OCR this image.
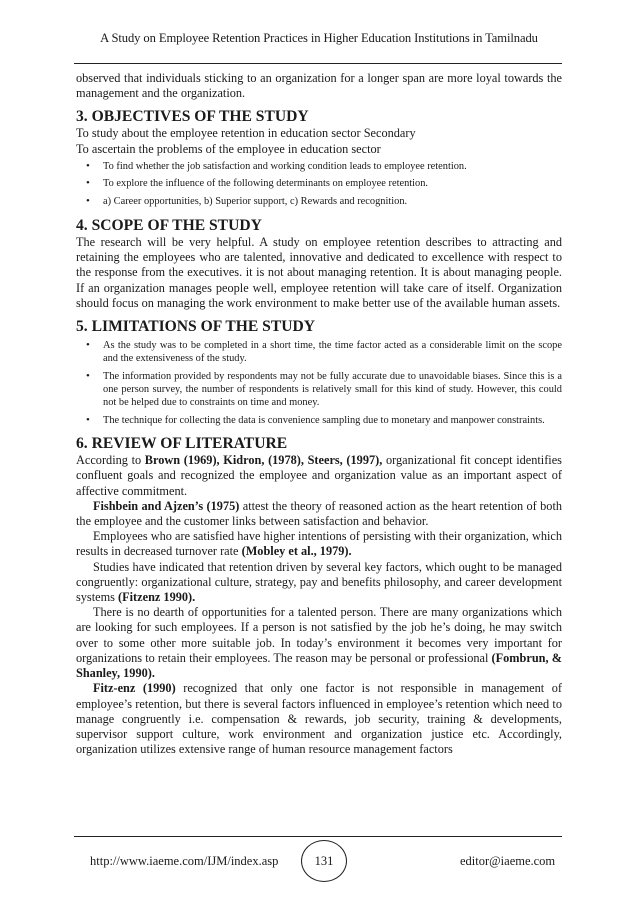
A Study on Employee Retention Practices in Higher Education Institutions in Tamilnadu

observed that individuals sticking to an organization for a longer span are more loyal towards the management and the organization.

3. OBJECTIVES OF THE STUDY

To study about the employee retention in education sector Secondary

To ascertain the problems of the employee in education sector

• To find whether the job satisfaction and working condition leads to employee retention.
• To explore the influence of the following determinants on employee retention.
• a) Career opportunities, b) Superior support, c) Rewards and recognition.
4. SCOPE OF THE STUDY

The research will be very helpful. A study on employee retention describes to attracting and retaining the employees who are talented, innovative and dedicated to excellence with respect to the response from the executives. it is not about managing retention. It is about managing people. If an organization manages people well, employee retention will take care of itself. Organization should focus on managing the work environment to make better use of the available human assets.

5. LIMITATIONS OF THE STUDY
• As the study was to be completed in a short time, the time factor acted as a considerable limit on the scope and the extensiveness of the study.
• The information provided by respondents may not be fully accurate due to unavoidable biases. Since this is a one person survey, the number of respondents is relatively small for this kind of study. However, this could not be helped due to constraints on time and money.
• The technique for collecting the data is convenience sampling due to monetary and manpower constraints.
6. REVIEW OF LITERATURE

According to Brown (1969), Kidron, (1978), Steers, (1997), organizational fit concept identifies confluent goals and recognized the employee and organization value as an important aspect of affective commitment.

Fishbein and Ajzen’s (1975) attest the theory of reasoned action as the heart retention of both the employee and the customer links between satisfaction and behavior.

Employees who are satisfied have higher intentions of persisting with their organization, which results in decreased turnover rate (Mobley et al., 1979).

Studies have indicated that retention driven by several key factors, which ought to be managed congruently: organizational culture, strategy, pay and benefits philosophy, and career development systems (Fitzenz 1990).

There is no dearth of opportunities for a talented person. There are many organizations which are looking for such employees. If a person is not satisfied by the job he’s doing, he may switch over to some other more suitable job. In today’s environment it becomes very important for organizations to retain their employees. The reason may be personal or professional (Fombrun, & Shanley, 1990).

Fitz-enz (1990) recognized that only one factor is not responsible in management of employee’s retention, but there is several factors influenced in employee’s retention which need to manage congruently i.e. compensation & rewards, job security, training & developments, supervisor support culture, work environment and organization justice etc. Accordingly, organization utilizes extensive range of human resource management factors

http://www.iaeme.com/IJM/index.asp	131	editor@iaeme.com
